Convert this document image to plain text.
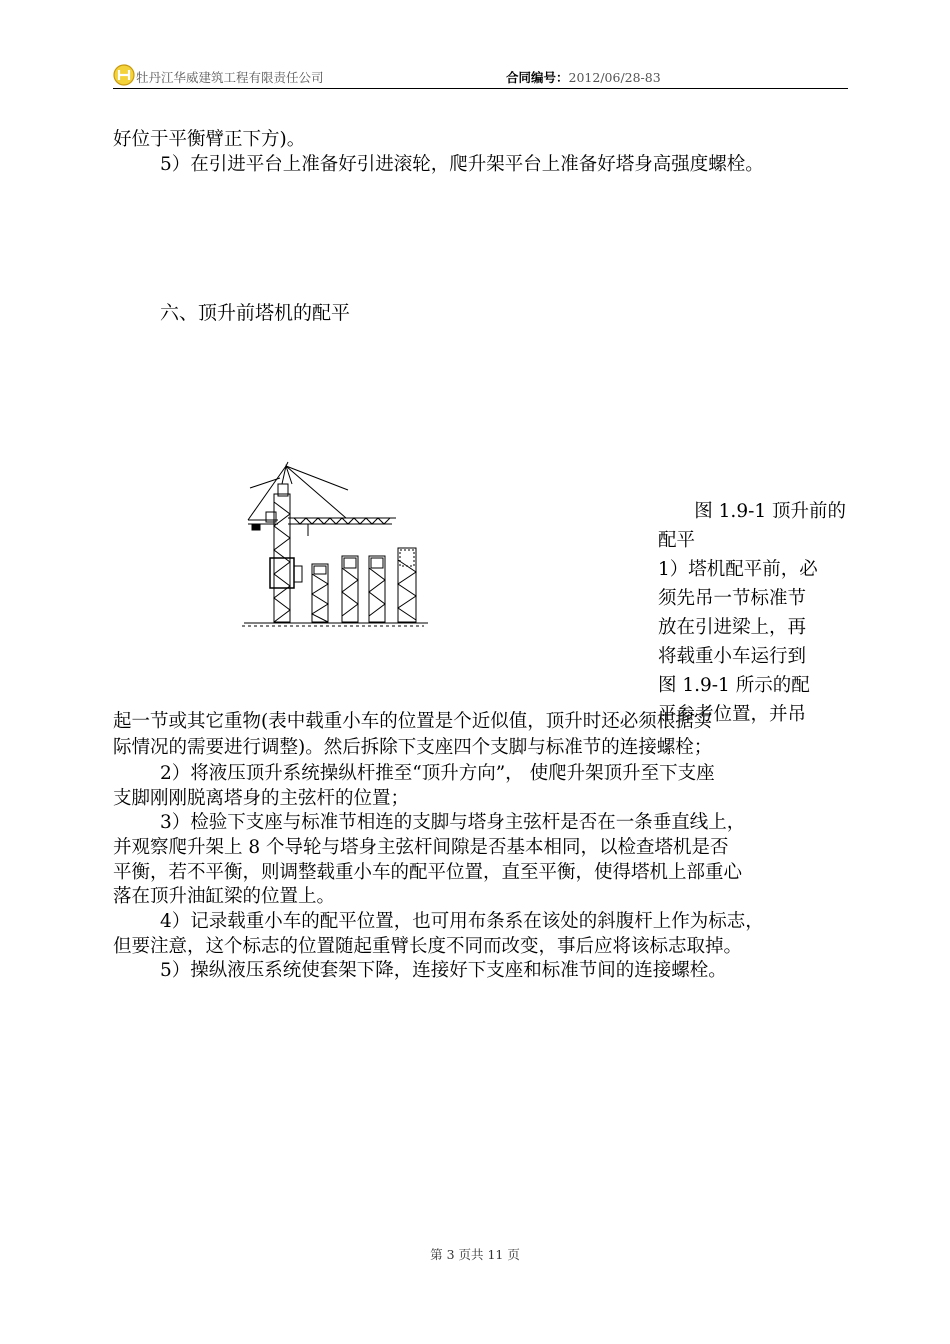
牡丹江华威建筑工程有限责任公司	合同编号：2012/06/28-83
好位于平衡臂正下方)。
5）在引进平台上准备好引进滚轮，爬升架平台上准备好塔身高强度螺栓。
六、顶升前塔机的配平
图 1.9-1 顶升前的
配平
1）塔机配平前，必
须先吊一节标准节
放在引进梁上，再
将载重小车运行到
图 1.9-1 所示的配
平参考位置，并吊
起一节或其它重物(表中载重小车的位置是个近似值，顶升时还必须根据实
际情况的需要进行调整)。然后拆除下支座四个支脚与标准节的连接螺栓；
2）将液压顶升系统操纵杆推至“顶升方向”， 使爬升架顶升至下支座
支脚刚刚脱离塔身的主弦杆的位置；
3）检验下支座与标准节相连的支脚与塔身主弦杆是否在一条垂直线上，
并观察爬升架上 8 个导轮与塔身主弦杆间隙是否基本相同，以检查塔机是否
平衡，若不平衡，则调整载重小车的配平位置，直至平衡，使得塔机上部重心
落在顶升油缸梁的位置上。
4）记录载重小车的配平位置，也可用布条系在该处的斜腹杆上作为标志，
但要注意，这个标志的位置随起重臂长度不同而改变，事后应将该标志取掉。
5）操纵液压系统使套架下降，连接好下支座和标准节间的连接螺栓。
第 3 页共 11 页
